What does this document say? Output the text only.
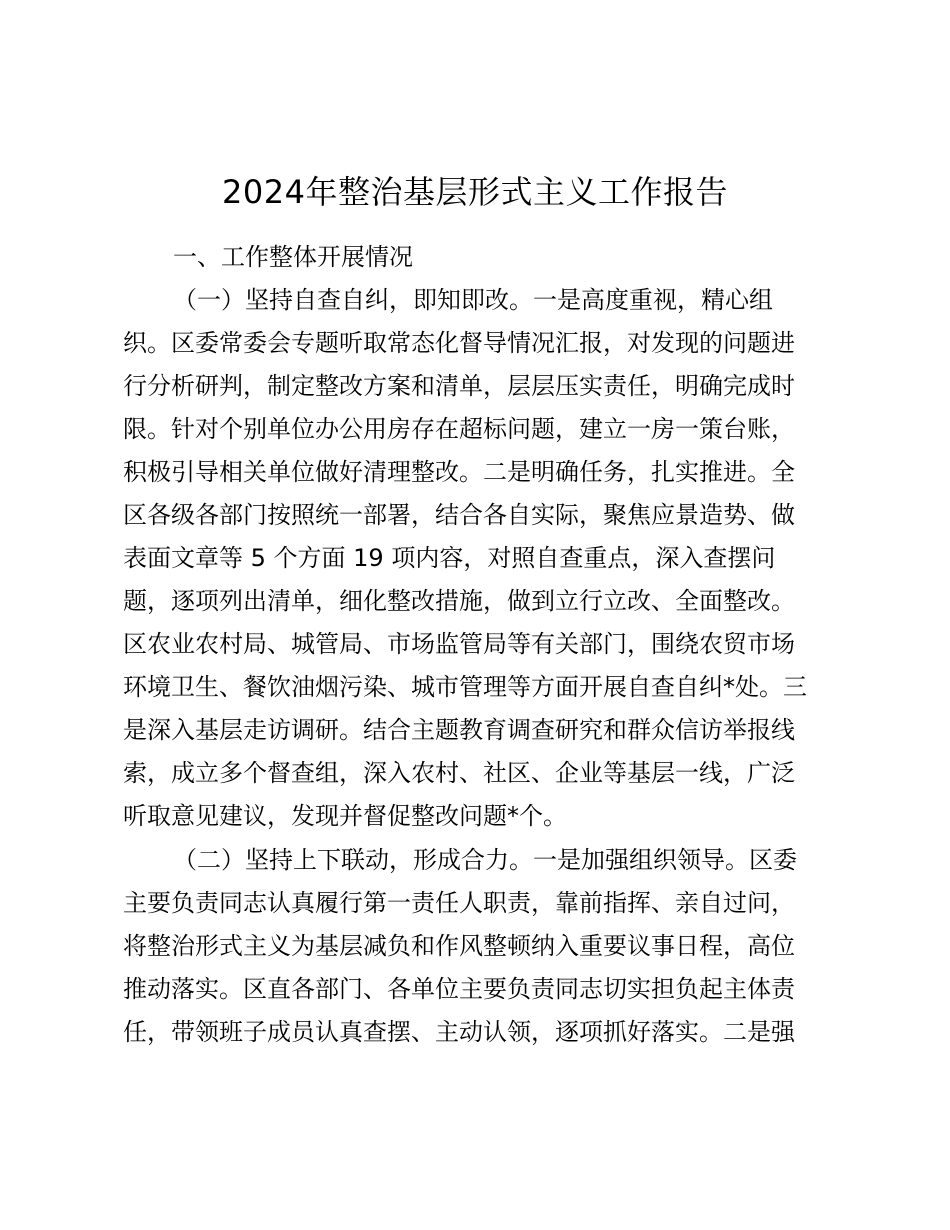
2024年整治基层形式主义工作报告

一、工作整体开展情况

（一）坚持自查自纠，即知即改。一是高度重视，精心组

织。区委常委会专题听取常态化督导情况汇报，对发现的问题进

行分析研判，制定整改方案和清单，层层压实责任，明确完成时

限。针对个别单位办公用房存在超标问题，建立一房一策台账，

积极引导相关单位做好清理整改。二是明确任务，扎实推进。全

区各级各部门按照统一部署，结合各自实际，聚焦应景造势、做

表面文章等 5 个方面 19 项内容，对照自查重点，深入查摆问

题，逐项列出清单，细化整改措施，做到立行立改、全面整改。

区农业农村局、城管局、市场监管局等有关部门，围绕农贸市场

环境卫生、餐饮油烟污染、城市管理等方面开展自查自纠*处。三

是深入基层走访调研。结合主题教育调查研究和群众信访举报线

索，成立多个督查组，深入农村、社区、企业等基层一线，广泛

听取意见建议，发现并督促整改问题*个。

（二）坚持上下联动，形成合力。一是加强组织领导。区委

主要负责同志认真履行第一责任人职责，靠前指挥、亲自过问，

将整治形式主义为基层减负和作风整顿纳入重要议事日程，高位

推动落实。区直各部门、各单位主要负责同志切实担负起主体责

任，带领班子成员认真查摆、主动认领，逐项抓好落实。二是强
